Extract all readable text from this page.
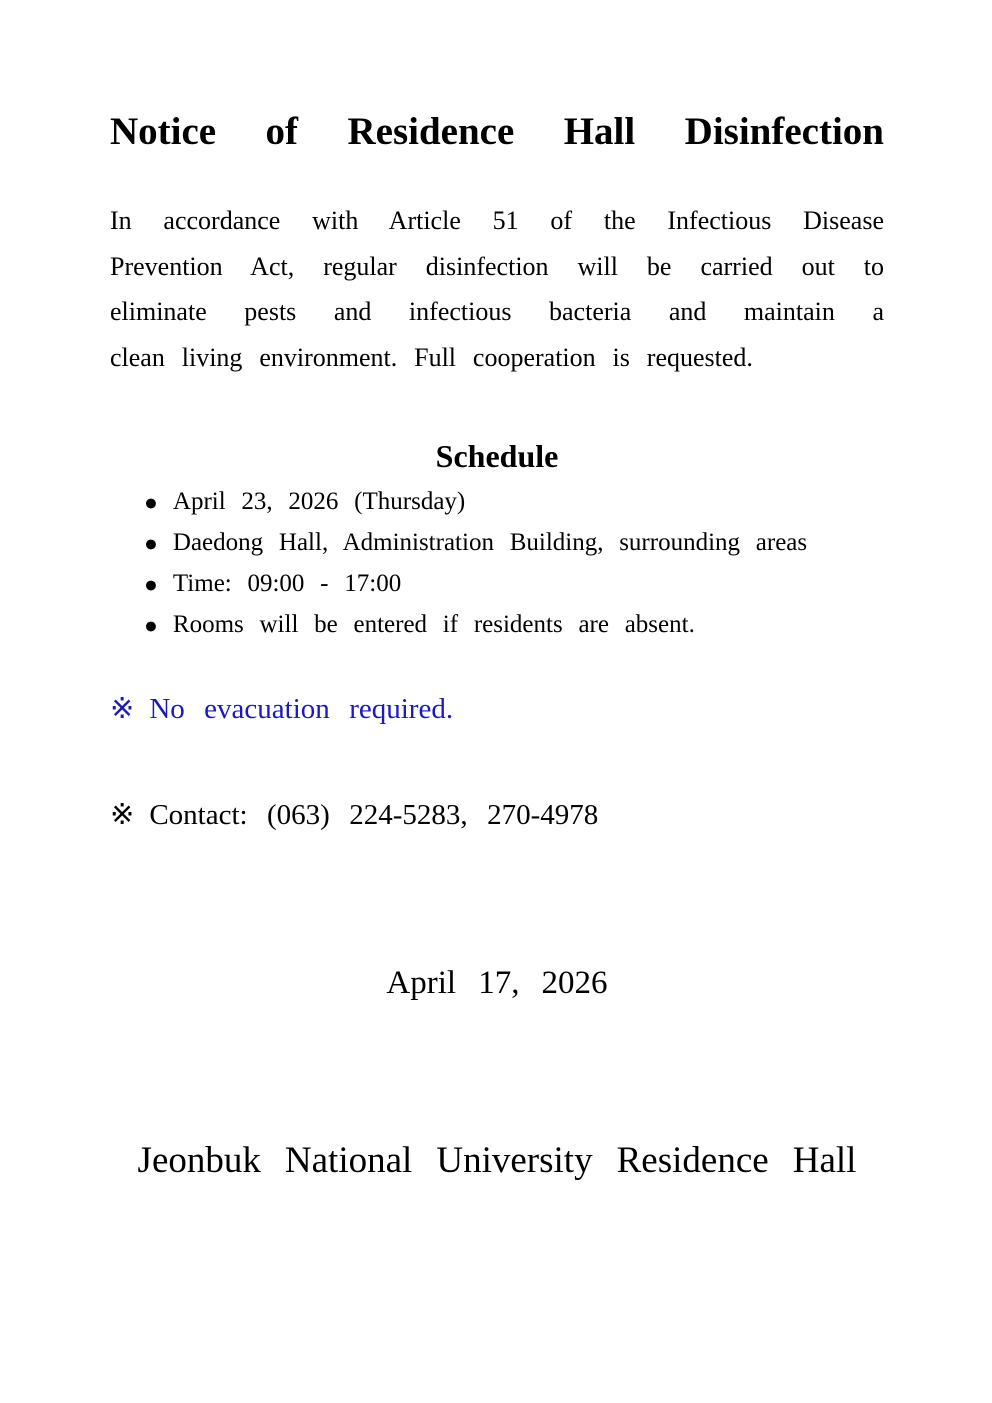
Notice of Residence Hall Disinfection
In accordance with Article 51 of the Infectious Disease
Prevention Act, regular disinfection will be carried out to
eliminate pests and infectious bacteria and maintain a
clean living environment. Full cooperation is requested.
Schedule
● April 23, 2026 (Thursday)
● Daedong Hall, Administration Building, surrounding areas
● Time: 09:00 - 17:00
● Rooms will be entered if residents are absent.
※ No evacuation required.
※ Contact: (063) 224-5283, 270-4978
April 17, 2026
Jeonbuk National University Residence Hall
